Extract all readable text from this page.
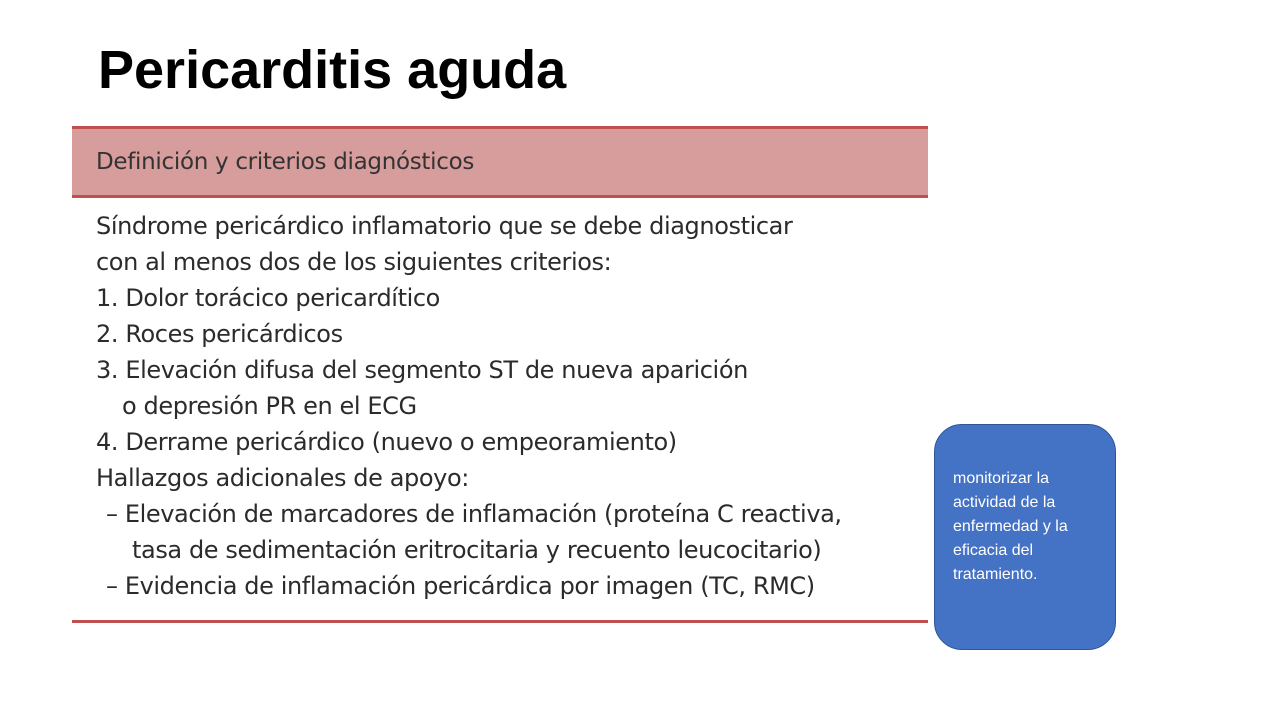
Pericarditis aguda
Definición y criterios diagnósticos
Síndrome pericárdico inflamatorio que se debe diagnosticar
con al menos dos de los siguientes criterios:
1. Dolor torácico pericardítico
2. Roces pericárdicos
3. Elevación difusa del segmento ST de nueva aparición
o depresión PR en el ECG
4. Derrame pericárdico (nuevo o empeoramiento)
Hallazgos adicionales de apoyo:
– Elevación de marcadores de inflamación (proteína C reactiva,
tasa de sedimentación eritrocitaria y recuento leucocitario)
– Evidencia de inflamación pericárdica por imagen (TC, RMC)

monitorizar la actividad de la enfermedad y la eficacia del tratamiento.
